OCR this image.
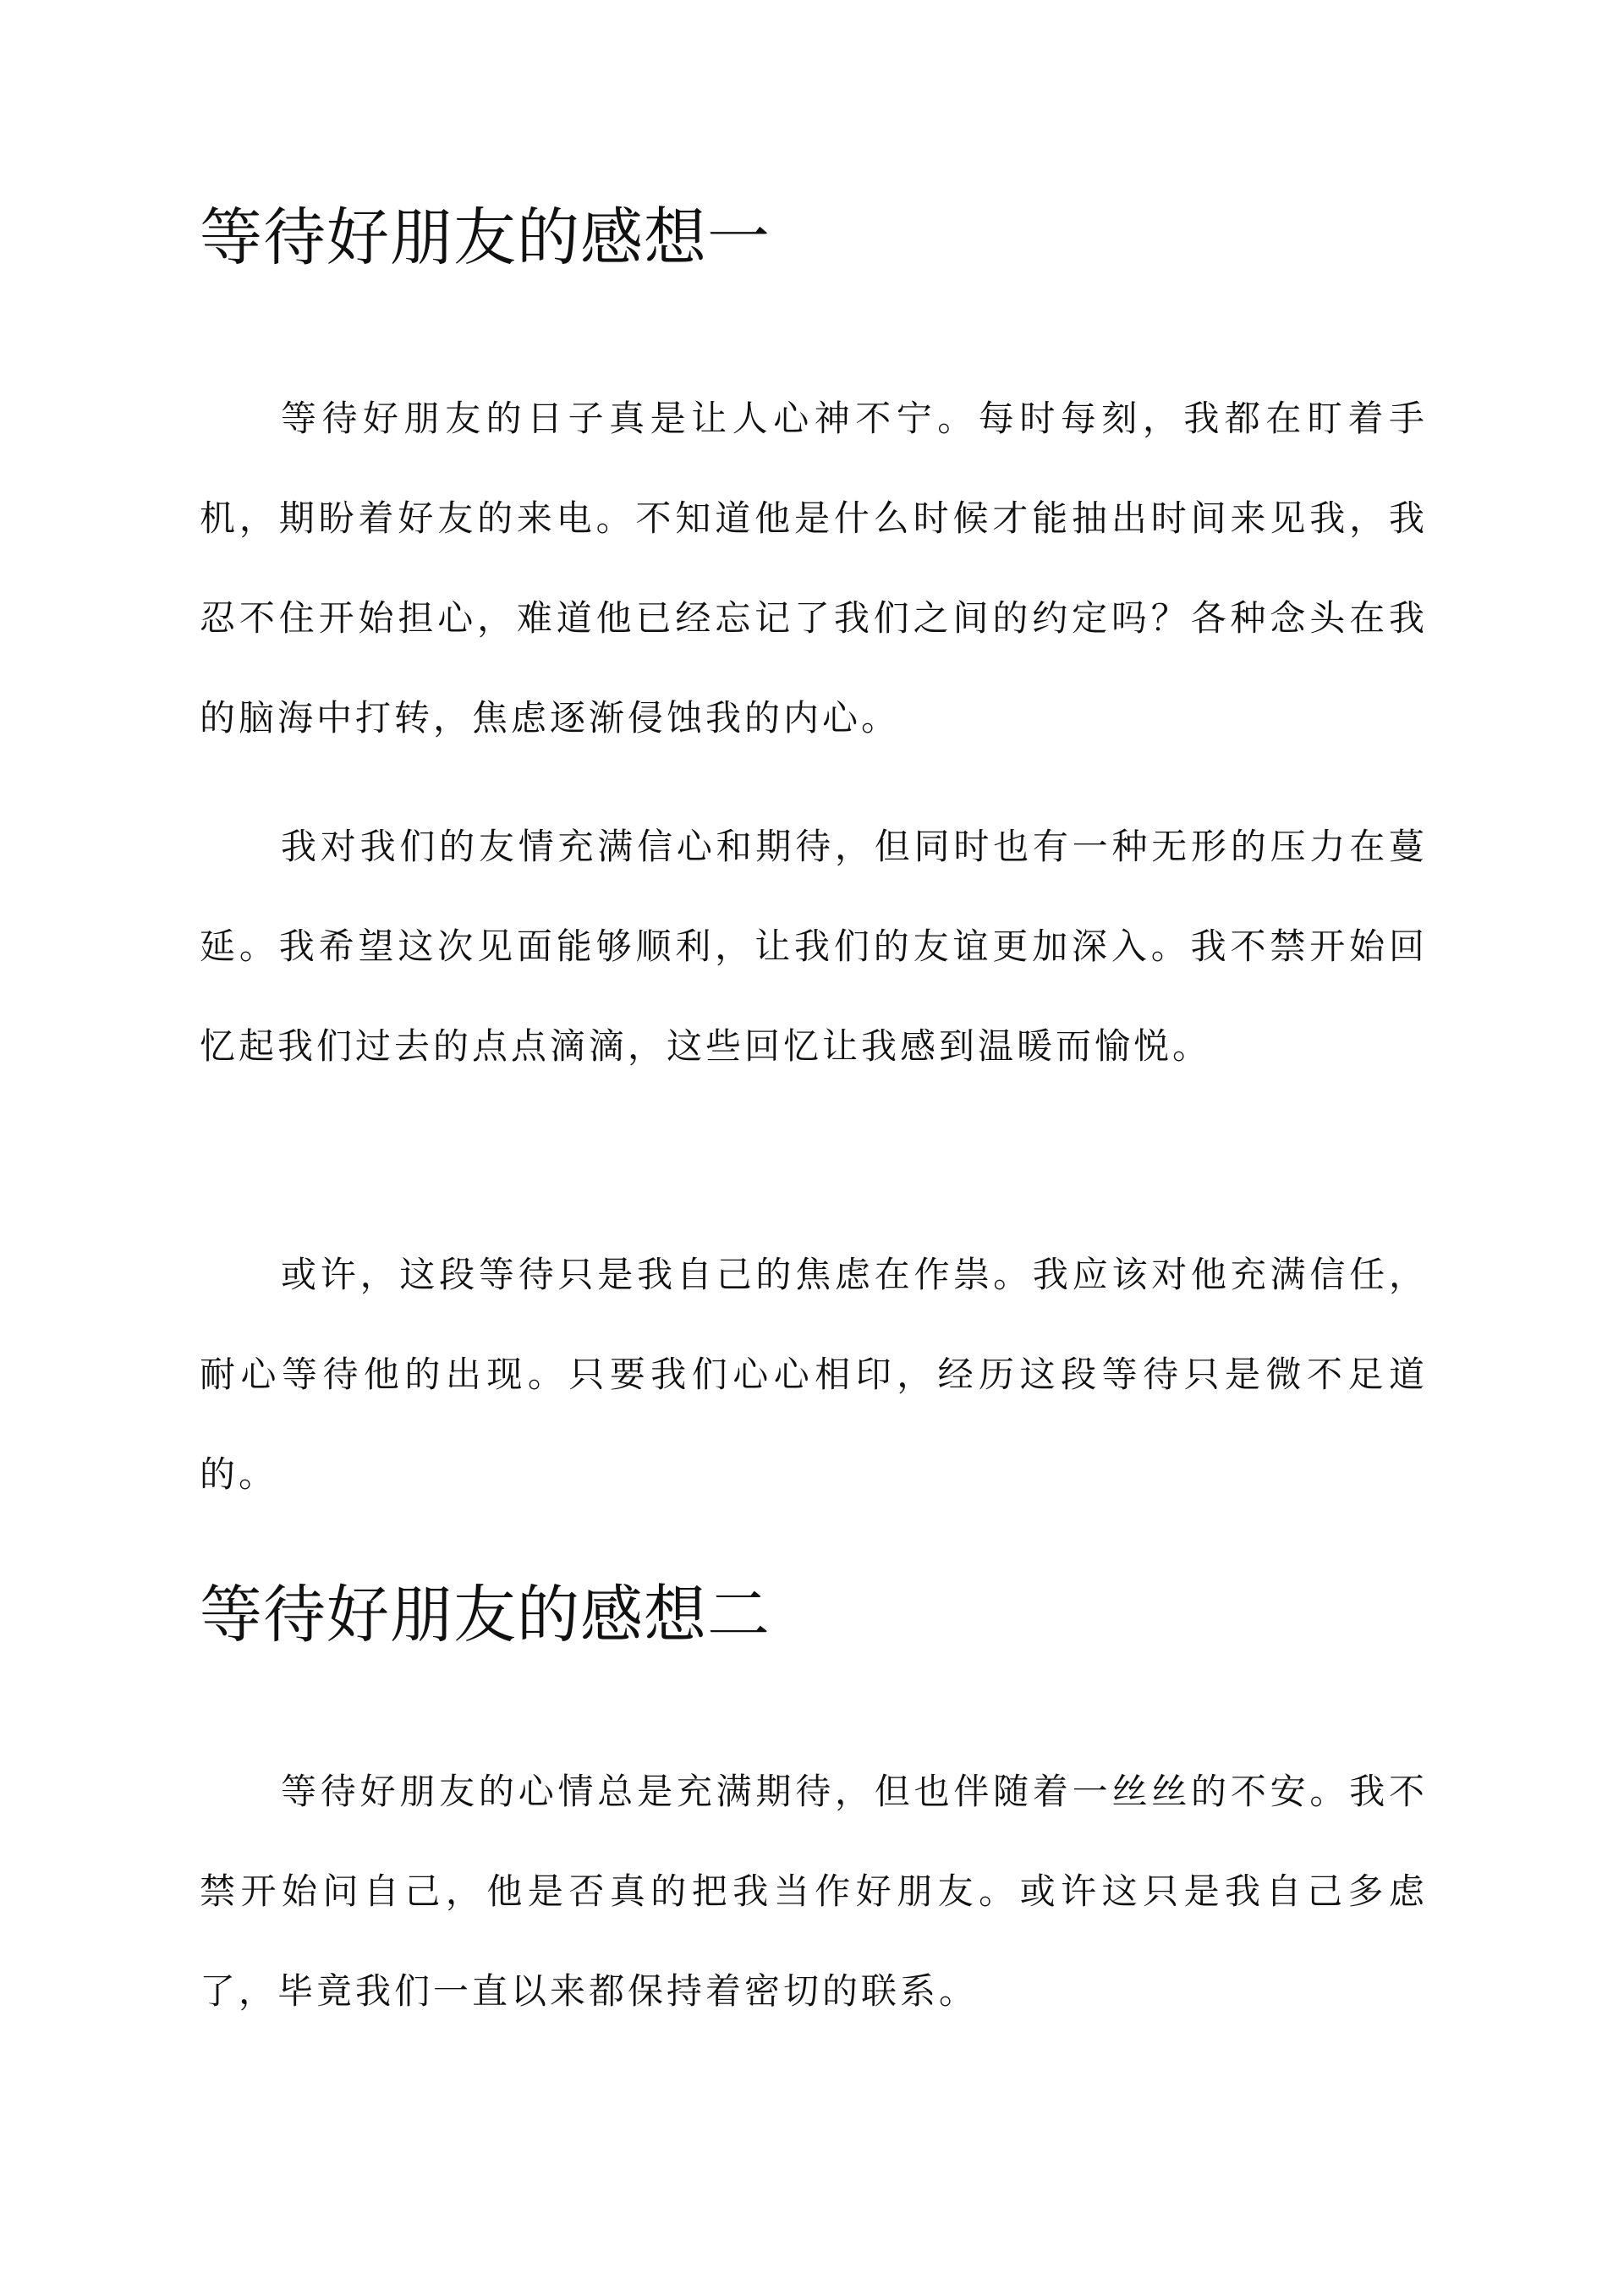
等待好朋友的感想一

等待好朋友的日子真是让人心神不宁。每时每刻，我都在盯着手机，期盼着好友的来电。不知道他是什么时候才能抽出时间来见我，我忍不住开始担心，难道他已经忘记了我们之间的约定吗？各种念头在我的脑海中打转，焦虑逐渐侵蚀我的内心。

我对我们的友情充满信心和期待，但同时也有一种无形的压力在蔓延。我希望这次见面能够顺利，让我们的友谊更加深入。我不禁开始回忆起我们过去的点点滴滴，这些回忆让我感到温暖而愉悦。

或许，这段等待只是我自己的焦虑在作祟。我应该对他充满信任，耐心等待他的出现。只要我们心心相印，经历这段等待只是微不足道的。

等待好朋友的感想二

等待好朋友的心情总是充满期待，但也伴随着一丝丝的不安。我不禁开始问自己，他是否真的把我当作好朋友。或许这只是我自己多虑了，毕竟我们一直以来都保持着密切的联系。
